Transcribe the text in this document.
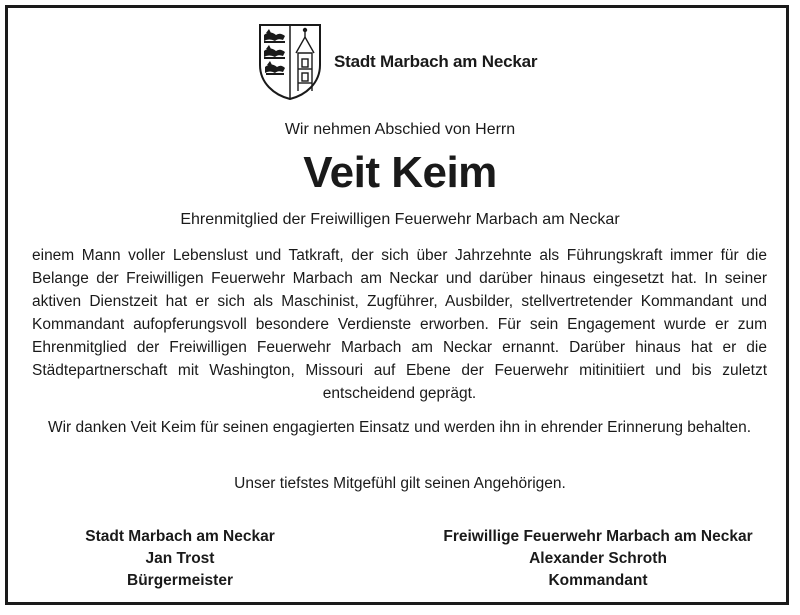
Stadt Marbach am Neckar
Wir nehmen Abschied von Herrn
Veit Keim
Ehrenmitglied der Freiwilligen Feuerwehr Marbach am Neckar
einem Mann voller Lebenslust und Tatkraft, der sich über Jahrzehnte als Führungskraft immer für die Belange der Freiwilligen Feuerwehr Marbach am Neckar und darüber hinaus eingesetzt hat. In seiner aktiven Dienstzeit hat er sich als Maschinist, Zugführer, Ausbilder, stellvertretender Kommandant und Kommandant aufopferungsvoll besondere Verdienste erworben. Für sein Engagement wurde er zum Ehrenmitglied der Freiwilligen Feuerwehr Marbach am Neckar ernannt. Darüber hinaus hat er die Städtepartnerschaft mit Washington, Missouri auf Ebene der Feuerwehr mitinitiiert und bis zuletzt entscheidend geprägt.
Wir danken Veit Keim für seinen engagierten Einsatz und werden ihn in ehrender Erinnerung behalten.
Unser tiefstes Mitgefühl gilt seinen Angehörigen.
Stadt Marbach am Neckar
Jan Trost
Bürgermeister
Freiwillige Feuerwehr Marbach am Neckar
Alexander Schroth
Kommandant
